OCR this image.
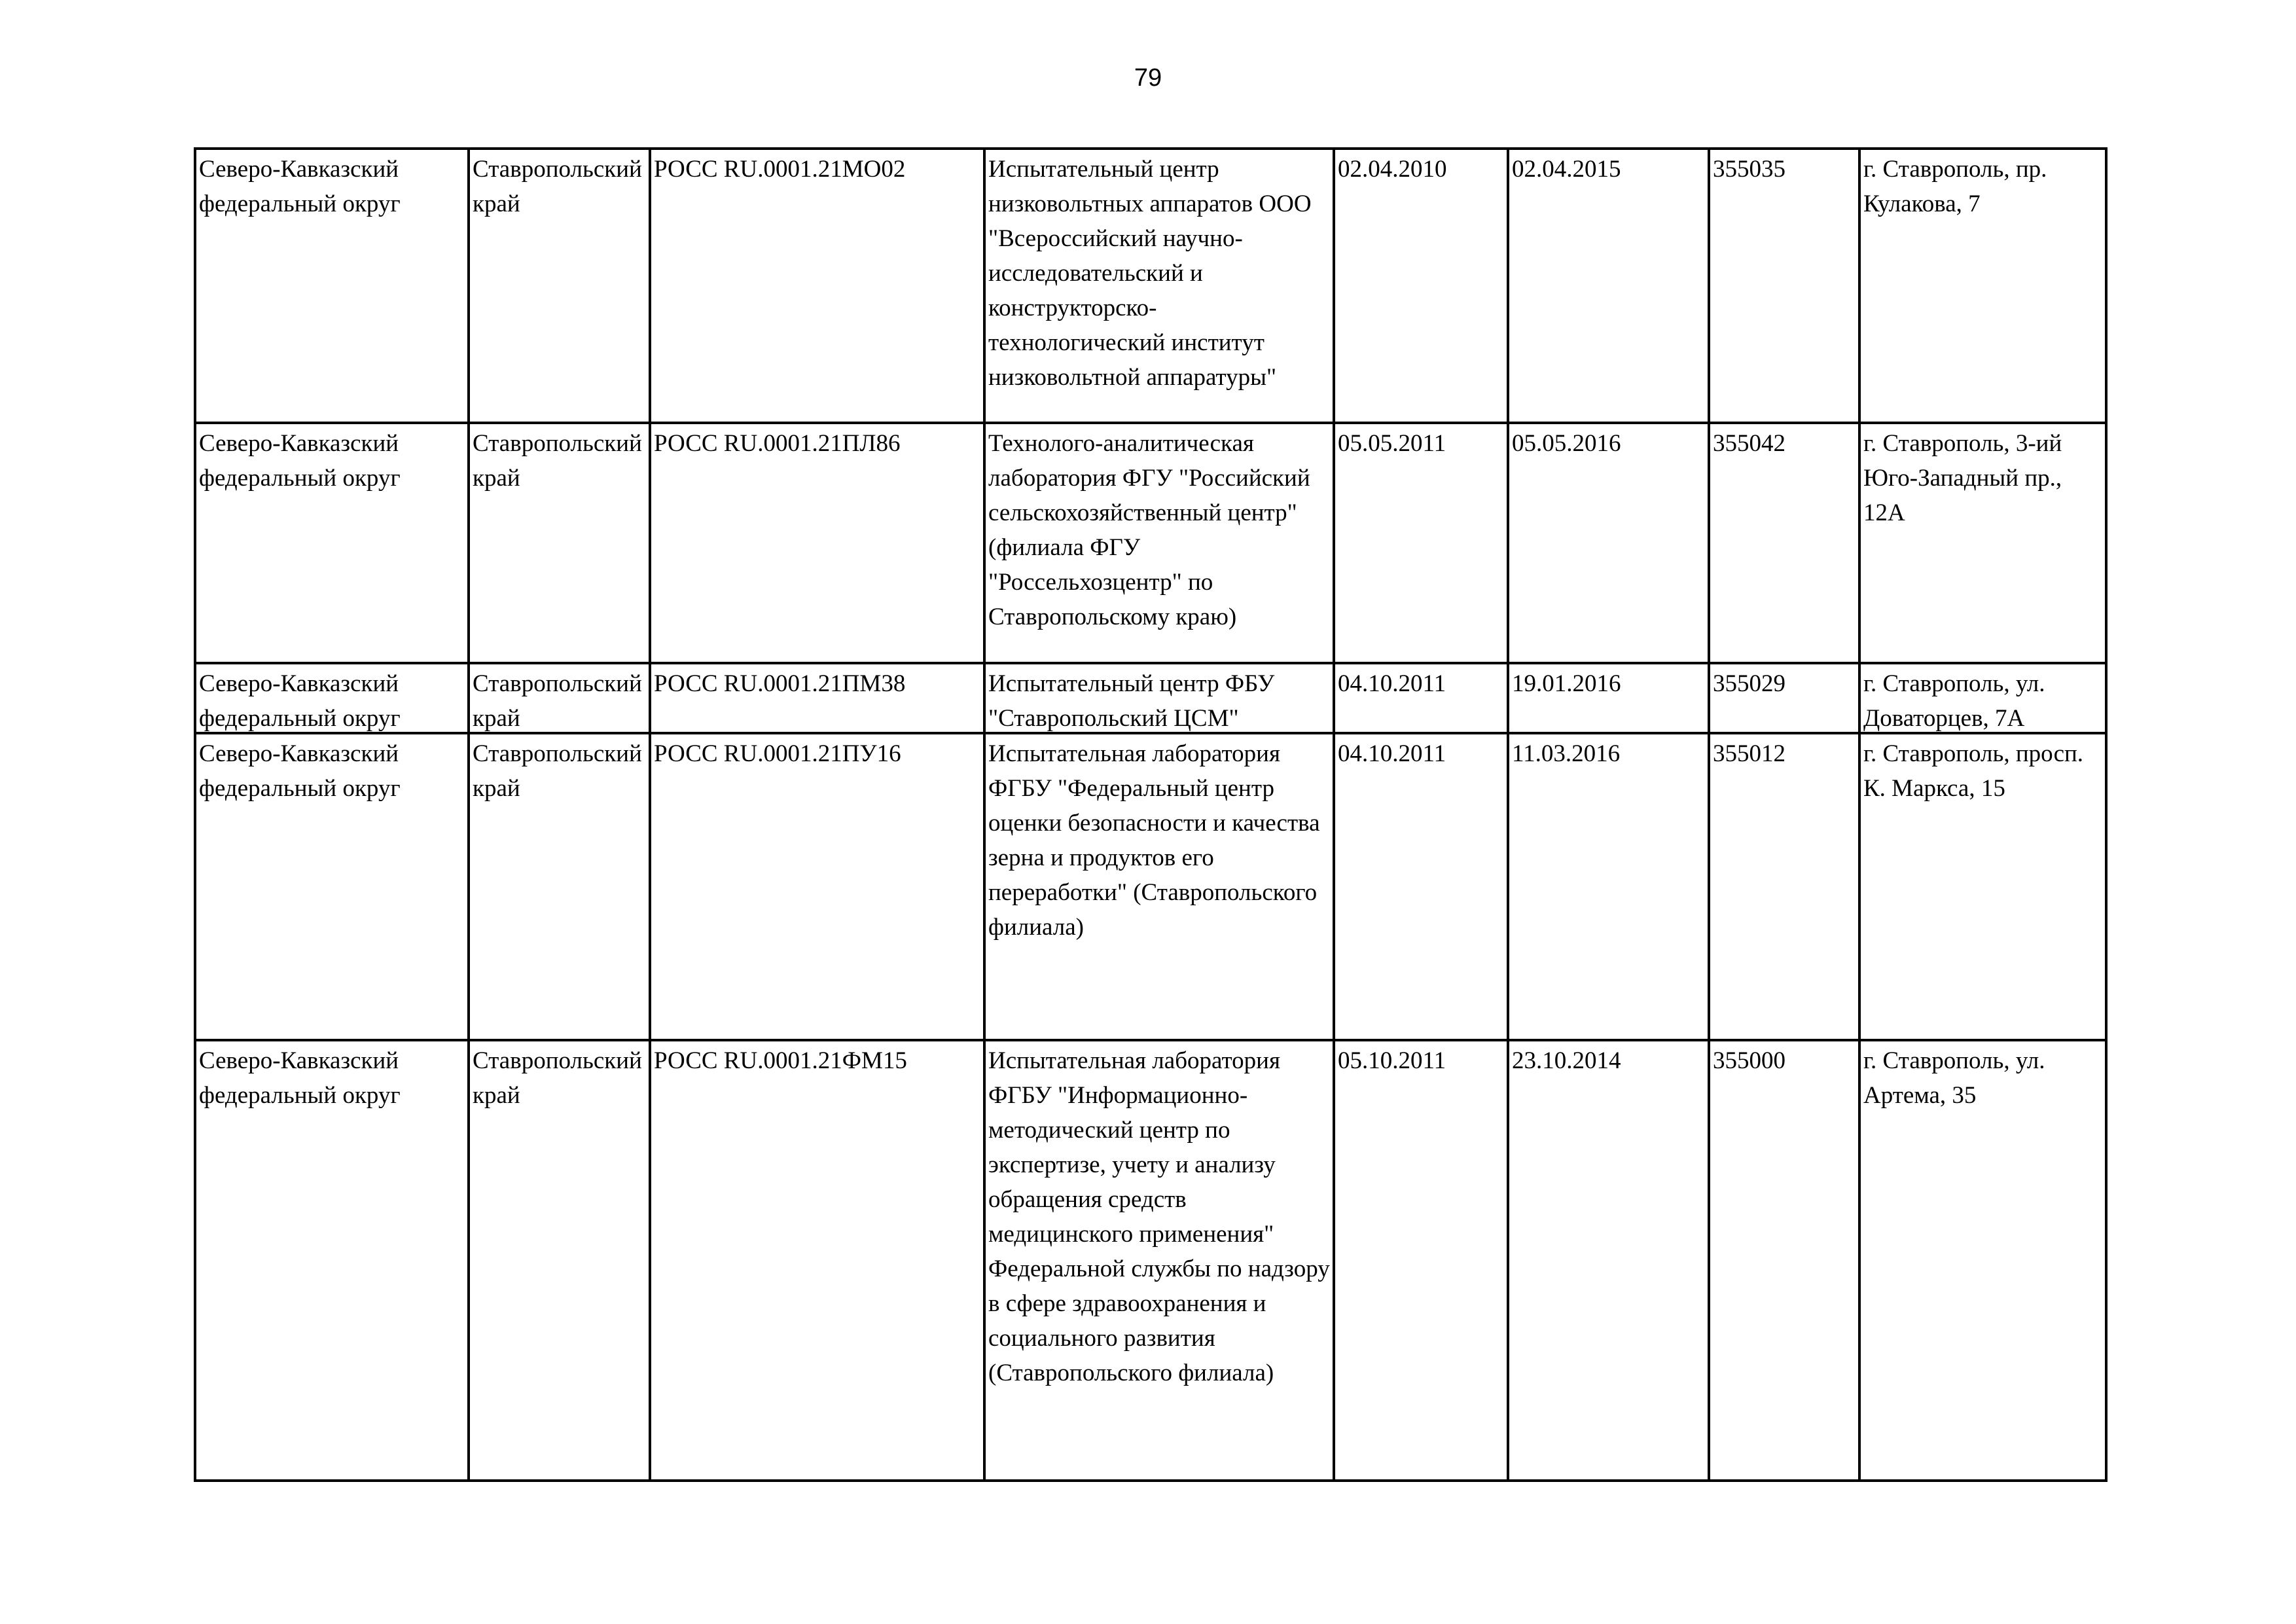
79
Северо-Кавказский федеральный округ	Ставропольский край	РОСС RU.0001.21МО02	Испытательный центр низковольтных аппаратов ООО "Всероссийский научно-исследовательский и конструкторско-технологический институт низковольтной аппаратуры"	02.04.2010	02.04.2015	355035	г. Ставрополь, пр. Кулакова, 7

Северо-Кавказский федеральный округ	Ставропольский край	РОСС RU.0001.21ПЛ86	Технолого-аналитическая лаборатория ФГУ "Российский сельскохозяйственный центр" (филиала ФГУ "Россельхозцентр" по Ставропольскому краю)	05.05.2011	05.05.2016	355042	г. Ставрополь, 3-ий Юго-Западный пр., 12А

Северо-Кавказский федеральный округ	Ставропольский край	РОСС RU.0001.21ПМ38	Испытательный центр ФБУ "Ставропольский ЦСМ"	04.10.2011	19.01.2016	355029	г. Ставрополь, ул. Доваторцев, 7А

Северо-Кавказский федеральный округ	Ставропольский край	РОСС RU.0001.21ПУ16	Испытательная лаборатория ФГБУ "Федеральный центр оценки безопасности и качества зерна и продуктов его переработки" (Ставропольского филиала)	04.10.2011	11.03.2016	355012	г. Ставрополь, просп. К. Маркса, 15

Северо-Кавказский федеральный округ	Ставропольский край	РОСС RU.0001.21ФМ15	Испытательная лаборатория ФГБУ "Информационно-методический центр по экспертизе, учету и анализу обращения средств медицинского применения" Федеральной службы по надзору в сфере здравоохранения и социального развития (Ставропольского филиала)	05.10.2011	23.10.2014	355000	г. Ставрополь, ул. Артема, 35
